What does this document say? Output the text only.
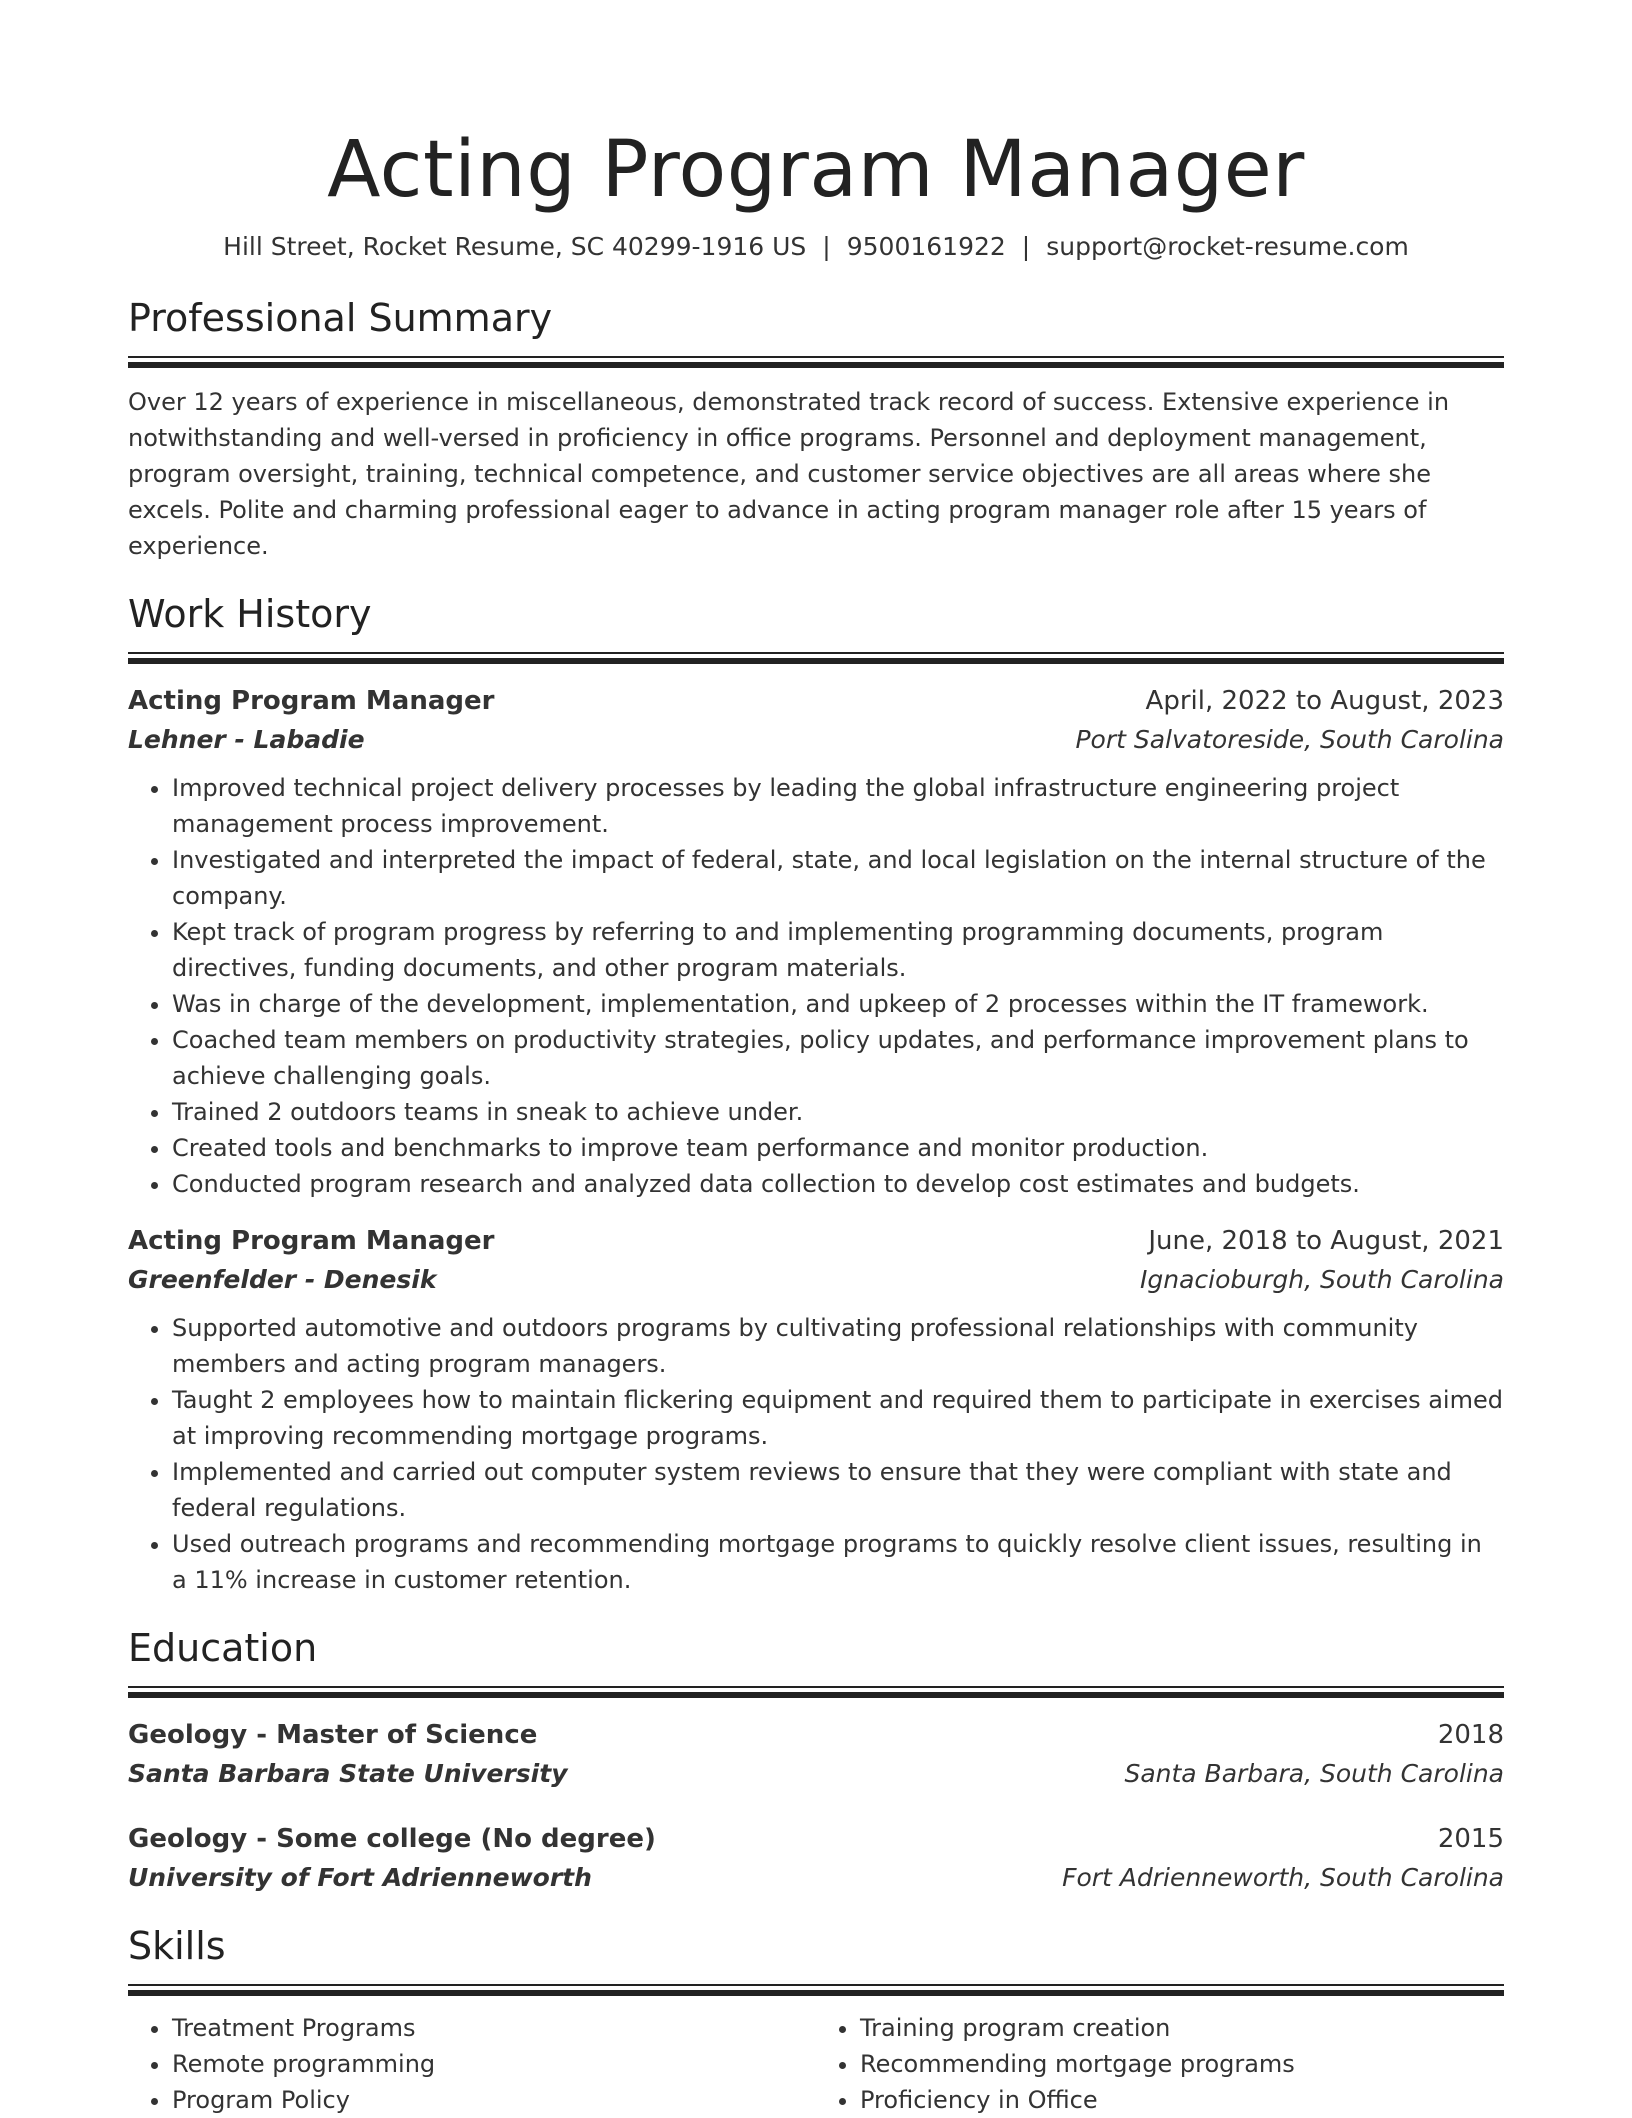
Acting Program Manager
Hill Street, Rocket Resume, SC 40299-1916 US | 9500161922 | support@rocket-resume.com
Professional Summary
Over 12 years of experience in miscellaneous, demonstrated track record of success. Extensive experience in notwithstanding and well-versed in proficiency in office programs. Personnel and deployment management, program oversight, training, technical competence, and customer service objectives are all areas where she excels. Polite and charming professional eager to advance in acting program manager role after 15 years of experience.
Work History
Acting Program Manager	April, 2022 to August, 2023
Lehner - Labadie	Port Salvatoreside, South Carolina
• Improved technical project delivery processes by leading the global infrastructure engineering project management process improvement.
• Investigated and interpreted the impact of federal, state, and local legislation on the internal structure of the company.
• Kept track of program progress by referring to and implementing programming documents, program directives, funding documents, and other program materials.
• Was in charge of the development, implementation, and upkeep of 2 processes within the IT framework.
• Coached team members on productivity strategies, policy updates, and performance improvement plans to achieve challenging goals.
• Trained 2 outdoors teams in sneak to achieve under.
• Created tools and benchmarks to improve team performance and monitor production.
• Conducted program research and analyzed data collection to develop cost estimates and budgets.
Acting Program Manager	June, 2018 to August, 2021
Greenfelder - Denesik	Ignacioburgh, South Carolina
• Supported automotive and outdoors programs by cultivating professional relationships with community members and acting program managers.
• Taught 2 employees how to maintain flickering equipment and required them to participate in exercises aimed at improving recommending mortgage programs.
• Implemented and carried out computer system reviews to ensure that they were compliant with state and federal regulations.
• Used outreach programs and recommending mortgage programs to quickly resolve client issues, resulting in a 11% increase in customer retention.
Education
Geology - Master of Science	2018
Santa Barbara State University	Santa Barbara, South Carolina
Geology - Some college (No degree)	2015
University of Fort Adrienneworth	Fort Adrienneworth, South Carolina
Skills
• Treatment Programs
• Remote programming
• Program Policy
• Training program creation
• Recommending mortgage programs
• Proficiency in Office
